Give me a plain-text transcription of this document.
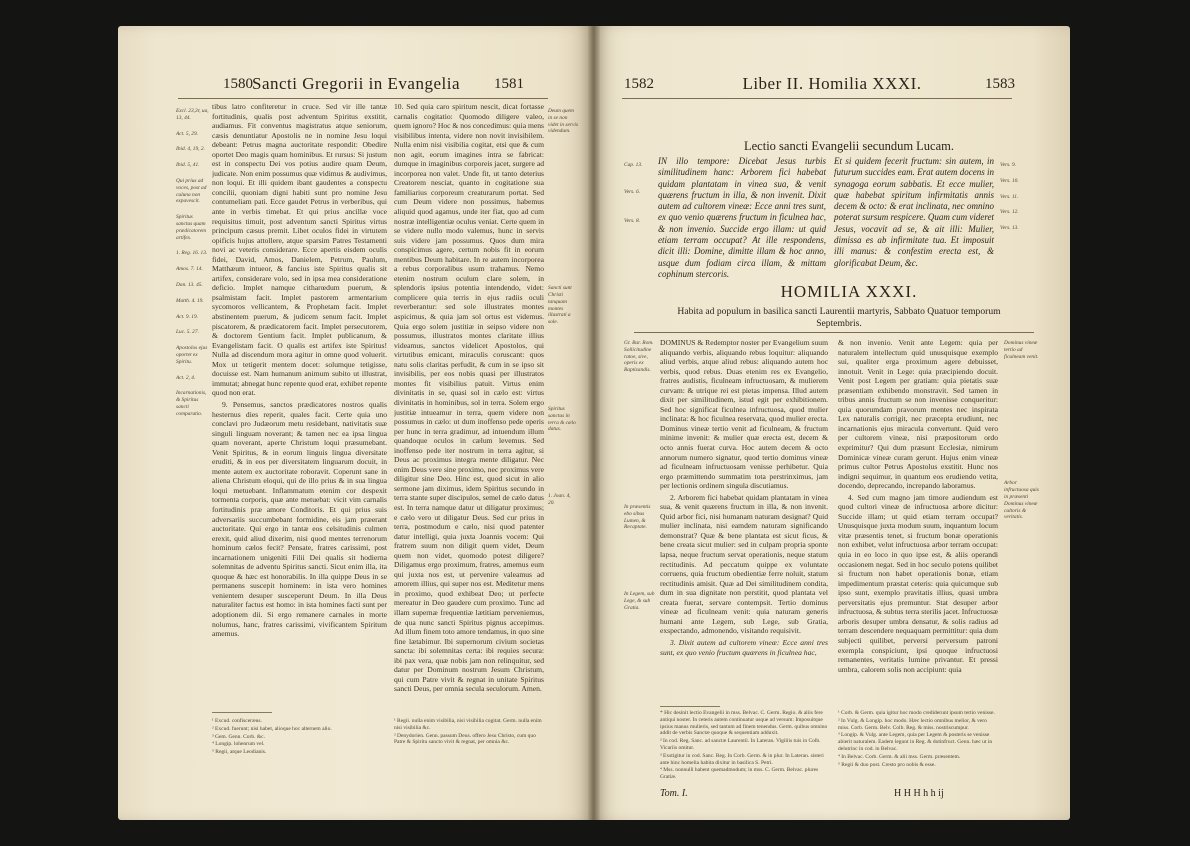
1580
Sancti Gregorii in Evangelia	1581
Excl. 23,3r, ua, 13, 44.
Act. 5, 29.
Ibid. 4, 19, 2.
Ibid. 5, 41.
Qui prius ad voces, post ad culuna non expavescit.
Spiritus sanctus quam prædicatorem artifex.
1. Reg. 16. 13.
Amos. 7. 14.
Dan. 13. 45.
Matth. 4. 19.
Act. 9. 19.
Luc. 5. 27.
Apostolos ejus oportet ex Spiritu.
Act. 2, 4.
Incarnationis, & Spiritus sancti comparatio.

tibus latro confiteretur in cruce. Sed vir ille tantæ fortitudinis, qualis post adventum Spiritus exstitit, audiamus. Fit conventus magistratus atque seniorum, cæsis denuntiatur Apostolis ne in nomine Jesu loqui debeant: Petrus magna auctoritate respondit: Obedire oportet Deo magis quam hominibus. Et rursus: Si justum est in conspectu Dei vos potius audire quam Deum, judicate. Non enim possumus quæ vidimus & audivimus, non loqui. Et illi quidem ibant gaudentes a conspectu concilii, quoniam digni habiti sunt pro nomine Jesu contumeliam pati. Ecce gaudet Petrus in verberibus, qui ante in verbis timebat. Et qui prius ancillæ voce requisitus timuit, post adventum sancti Spiritus virtus principum cæsus premit. Libet oculos fidei in virtutem opificis hujus attollere, atque sparsim Patres Testamenti novi ac veteris considerare. Ecce apertis eisdem oculis fidei, David, Amos, Danielem, Petrum, Paulum, Matthæum intueor, & fancius iste Spiritus qualis sit artifex, considerare volo, sed in ipsa mea consideratione deficio. Implet namque citharœdum puerum, & psalmistam facit. Implet pastorem armentarium sycomoros vellicantem, & Prophetam facit. Implet abstinentem puerum, & judicem senum facit. Implet piscatorem, & prædicatorem facit. Implet persecutorem, & doctorem Gentium facit. Implet publicanum, & Evangelistam facit. O qualis est artifex iste Spiritus! Nulla ad discendum mora agitur in omne quod voluerit. Mox ut tetigerit mentem docet: solumque tetigisse, docuisse est. Nam humanum animum subito ut illustrat, immutat; abnegat hunc repente quod erat, exhibet repente quod non erat.

9. Pensemus, sanctos prædicatores nostros qualis hesternus dies reperit, quales facit. Certe quia uno conclavi pro Judæorum metu residebant, nativitatis suæ singuli linguam noverant; & tamen nec ea ipsa lingua quam noverant, aperte Christum loqui præsumebant. Venit Spiritus, & in eorum linguis lingua diversitate eruditi, & in eos per diversitatem linguarum docuit, in mente autem ex auctoritate roboravit. Coperunt sane in aliena Christum eloqui, qui de illo prius & in sua lingua loqui metuebant. Inflammatum etenim cor despexit tormenta corporis, quæ ante metuebat: vicit vim carnalis fortitudinis præ amore Conditoris. Et qui prius suis adversariis succumbebant formidine, eis jam præerant auctoritate. Qui ergo in tantæ eos celsitudinis culmen erexit, quid aliud dixerim, nisi quod mentes terrenorum hominum cælos fecit? Pensate, fratres carissimi, post incarnationem unigeniti Filii Dei qualis sit hodierna solemnitas de adventu Spiritus sancti. Sicut enim illa, ita quoque & hæc est honorabilis. In illa quippe Deus in se permanens suscepit hominem: in ista vero homines venientem desuper susceperunt Deum. In illa Deus naturaliter factus est homo: in ista homines facti sunt per adoptionem dii. Si ergo remanere carnales in morte nolumus, hanc, fratres carissimi, vivificantem Spiritum amemus.

10. Sed quia caro spiritum nescit, dicat fortasse carnalis cogitatio: Quomodo diligere valeo, quem ignoro? Hoc & nos concedimus: quia mens visibilibus intenta, videre non novit invisibilem. Nulla enim nisi visibilia cogitat, etsi que & cum non agit, eorum imagines intra se fabricat: dumque in imaginibus corporeis jacet, surgere ad incorporea non valet. Unde fit, ut tanto deterius Creatorem nesciat, quanto in cogitatione sua familiarius corporeum creaturarum portat. Sed cum Deum videre non possimus, habemus aliquid quod agamus, unde iter fiat, quo ad cum nostræ intelligentiæ oculus veniat. Certe quem in se videre nullo modo valemus, hunc in servis suis videre jam possumus. Quos dum mira conspicimus agere, certum nobis fit in eorum mentibus Deum habitare. In re autem incorporea a rebus corporalibus usum trahamus. Nemo etenim nostrum oculum clare solem, in splendoris ipsius potentia intendendo, videt: complicere quia terris in ejus radiis oculi reverberantur: sed sole illustrates montes aspicimus, & quia jam sol ortus est videmus. Quia ergo solem justitiæ in seipso videre non possumus, illustratos montes claritate illius videamus, sanctos videlicet Apostolos, qui virtutibus emicant, miraculis coruscant: quos natu solis claritas perfudit, & cum in se ipso sit invisibilis, per eos nobis quasi per illustratos montes fit visibilius patuit. Virtus enim divinitatis in se, quasi sol in cælo est: virtus divinitatis in hominibus, sol in terra. Solem ergo justitiæ intueamur in terra, quem videre non possumus in cælo: ut dum inoffenso pede operis per hunc in terra gradimur, ad intuendum illum quandoque oculos in cælum levemus. Sed inoffenso pede iter nostrum in terra agitur, si Deus ac proximus integra mente diligatur. Nec enim Deus vere sine proximo, nec proximus vere diligitur sine Deo. Hinc est, quod sicut in alio sermone jam diximus, idem Spiritus secundo in terra stante super discipulos, semel de cælo datus est. In terra namque datur ut diligatur proximus; e cælo vero ut diligatur Deus. Sed cur prius in terra, postmodum e cælo, nisi quod patenter datur intelligi, quia juxta Joannis vocem: Qui fratrem suum non diligit quem videt, Deum quem non videt, quomodo potest diligere? Diligamus ergo proximum, fratres, amemus eum qui juxta nos est, ut pervenire valeamus ad amorem illius, qui super nos est. Meditetur mens in proximo, quod exhibeat Deo; ut perfecte mereatur in Deo gaudere cum proximo. Tunc ad illam supernæ frequentiæ lætitiam perveniemus, de qua nunc sancti Spiritus pignus accepimus. Ad illum finem toto amore tendamus, in quo sine fine lætabimur. Ibi supernorum civium societas sancta: ibi solemnitas certa: ibi requies secura: ibi pax vera, quæ nobis jam non relinquitur, sed datur per Dominum nostrum Jesum Christum, qui cum Patre vivit & regnat in unitate Spiritus sancti Deus, per omnia secula seculorum. Amen.

Deum quem in se non videt in servis videndum.
Sancti sunt Christi tanquam montes illustrati a sole.
Spiritus sanctus in terra & cælo datus.
1. Joan. 4, 20.
¹ Excud. confisceræus.
² Excud. fuerunt; nisi habet, alioque hoc alternem alio.
³ Gem. Genn. Corb. &c.
⁴ Longip. lohenrum vel.
⁵ Regii, atque Leodianis.
¹ Regii. nulla enim visibilia, nisi visibilia cogitat. Germ. nulla enim nisi visibilia &c.
² Denydorien. Genn. passum Deus. offero Jesu Christo, cum quo Patre & Spiritu sancto vivit & regnat, per omnia &c.
1582	Liber II. Homilia XXXI.	1583
Lectio sancti Evangelii secundum Lucam.
Cap. 13.
Vers. 6.
Vers. 8.
IN illo tempore: Dicebat Jesus turbis similitudinem hanc: Arborem fici habebat quidam plantatam in vinea sua, & venit quærens fructum in illa, & non invenit. Dixit autem ad cultorem vineæ: Ecce anni tres sunt, ex quo venio quærens fructum in ficulnea hac, & non invenio. Succide ergo illam: ut quid etiam terram occupat? At ille respondens, dicit illi: Domine, dimitte illam & hoc anno, usque dum fodiam circa illam, & mittam cophinum stercoris.
Et si quidem fecerit fructum: sin autem, in futurum succides eam. Erat autem docens in synagoga eorum sabbatis. Et ecce mulier, quæ habebat spiritum infirmitatis annis decem & octo: & erat inclinata, nec omnino poterat sursum respicere. Quam cum videret Jesus, vocavit ad se, & ait illi: Mulier, dimissa es ab infirmitate tua. Et imposuit illi manus: & confestim erecta est, & glorificabat Deum, &c.
Vers. 9.
Vers. 10.
Vers. 11.
Vers. 12.
Vers. 13.
HOMILIA XXXI.
Habita ad populum in basilica sancti Laurentii martyris, Sabbato Quatuor temporum Septembris.
Gr. Bar. Rom. Sollicitudine ratoe, sive, operis ex Baptizandis.
In præsentis ebo sibus Lumen, & Recaptate.
In Legem, sub Lege, & sub Gratia.

DOMINUS & Redemptor noster per Evangelium suum aliquando verbis, aliquando rebus loquitur: aliquando aliud verbis, atque aliud rebus: aliquando autem hoc verbis, quod rebus. Duas etenim res ex Evangelio, fratres audistis, ficulneam infructuosam, & mulierem curvam: & utrique rei est pietas impensa. Illud autem dixit per similitudinem, istud egit per exhibitionem. Sed hoc significat ficulnea infructuosa, quod mulier inclinata: & hoc ficulnea reservata, quod mulier erecta. Dominus vineæ tertio venit ad ficulneam, & fructum minime invenit: & mulier quæ erecta est, decem & octo annis fuerat curva. Hoc autem decem & octo annorum numero signatur, quod tertio dominus vineæ ad ficulneam infructuosam venisse perhibetur. Quia ergo præmittendo summatim tota perstrinximus, jam per lectionis ordinem singula discutiamus.

2. Arborem fici habebat quidam plantatam in vinea sua, & venit quærens fructum in illa, & non invenit. Quid arbor fici, nisi humanam naturam designat? Quid mulier inclinata, nisi eamdem naturam significando demonstrat? Quæ & bene plantata est sicut ficus, & bene creata sicut mulier: sed in culpam propria sponte lapsa, neque fructum servat operationis, neque statum rectitudinis. Ad peccatum quippe ex voluntate corruens, quia fructum obedientiæ ferre noluit, statum rectitudinis amisit. Quæ ad Dei similitudinem condita, dum in sua dignitate non perstitit, quod plantata vel creata fuerat, servare contempsit. Tertio dominus vineæ ad ficulneam venit: quia naturam generis humani ante Legem, sub Lege, sub Gratia, exspectando, admonendo, visitando requisivit.

3. Dixit autem ad cultorem vineæ: Ecce anni tres sunt, ex quo venio fructum quærens in ficulnea hac,

& non invenio. Venit ante Legem: quia per naturalem intellectum quid unusquisque exemplo sui, qualiter erga proximum agere debuisset, innotuit. Venit in Lege: quia præcipiendo docuit. Venit post Legem per gratiam: quia pietatis suæ præsentiam exhibendo monstravit. Sed tamen in tribus annis fructum se non invenisse conqueritur: quia quorumdam pravorum mentes nec inspirata Lex naturalis corrigit, nec præcepta erudiunt, nec incarnationis ejus miracula convertunt. Quid vero per cultorem vineæ, nisi præpositorum ordo exprimitur? Qui dum præsunt Ecclesiæ, nimirum Dominicæ vineæ curam gerunt. Hujus enim vineæ primus cultor Petrus Apostolus exstitit. Hunc nos indigni sequimur, in quantum eos erudiendo vetita, docendo, deprecando, increpando laboramus.

4. Sed cum magno jam timore audiendum est quod cultori vineæ de infructuosa arbore dicitur: Succide illam; ut quid etiam terram occupat? Unusquisque juxta modum suum, inquantum locum vitæ præsentis tenet, si fructum bonæ operationis non exhibet, velut infructuosa arbor terram occupat: quia in eo loco in quo ipse est, & aliis operandi occasionem negat. Sed in hoc seculo potens quilibet si fructum non habet operationis bonæ, etiam impedimentum præstat ceteris: quia quicumque sub ipso sunt, exemplo pravitatis illius, quasi umbra perversitatis ejus premuntur. Stat desuper arbor infructuosa, & subtus terra sterilis jacet. Infructuosæ arboris desuper umbra densatur, & solis radius ad terram descendere nequaquam permittitur: quia dum subjecti quilibet, perversi perversum patroni exempla conspiciunt, ipsi quoque infructuosi remanentes, veritatis lumine privantur. Et pressi umbra, calorem solis non accipiunt: quia

Dominus vineæ tertio ad ficulneam venit.
Arbor infructuosa quis in præsenti Dominus vineæ cultoris & veritatis.
* Hic desinit lectio Evangelii in mss. Belvac. C. Germ. Regio. & aliis fere antiqui noster. In ceteris autem continuatur usque ad versum: Imposuitque ipsius manus mulieris, sed tantum ad finem tenendus. Germ. quibus omnino addit de verbis Sanctæ quoque & sequentiam adduxit.
² In cod. Reg. Sanc. ad sanctæ Laurentii. In Lateran. Vigiliis tuis in Colb. Vicariis omitur.
³ Exstigitur in cod. Sanc. Reg. In Corb. Germ. & in plur. In Lateran. sisteri ante hinc homelia habita dixitur in basilica S. Petri.
⁴ Mss. nonnulli habent quemadmodum; in mss. C. Germ. Belvac. plures Gratiæ.
¹ Corb. & Germ. quia igitur hoc modo crediderunt ipsum tertio venisse.
² In Vulg. & Longip. hoc modo. Hæc lectio omnibus melior, & vero miss. Corb. Germ. Belv. Colb. Reg. & miss. nostriscumpur.
³ Longip. & Vulg. ante Legem, quia per Legem & posteris se venisse abierit naturalem. Eadem legunt in Reg. & dotinfruct. Genn. hæc ut in delutrinc in cod. in Belvac.
⁴ In Belvac. Corb. Germ. & alii mss. Germ. præsentem.
⁵ Regii & duo post. Cresto pro nobis & esse.
Tom. I.	H H H h h ij
